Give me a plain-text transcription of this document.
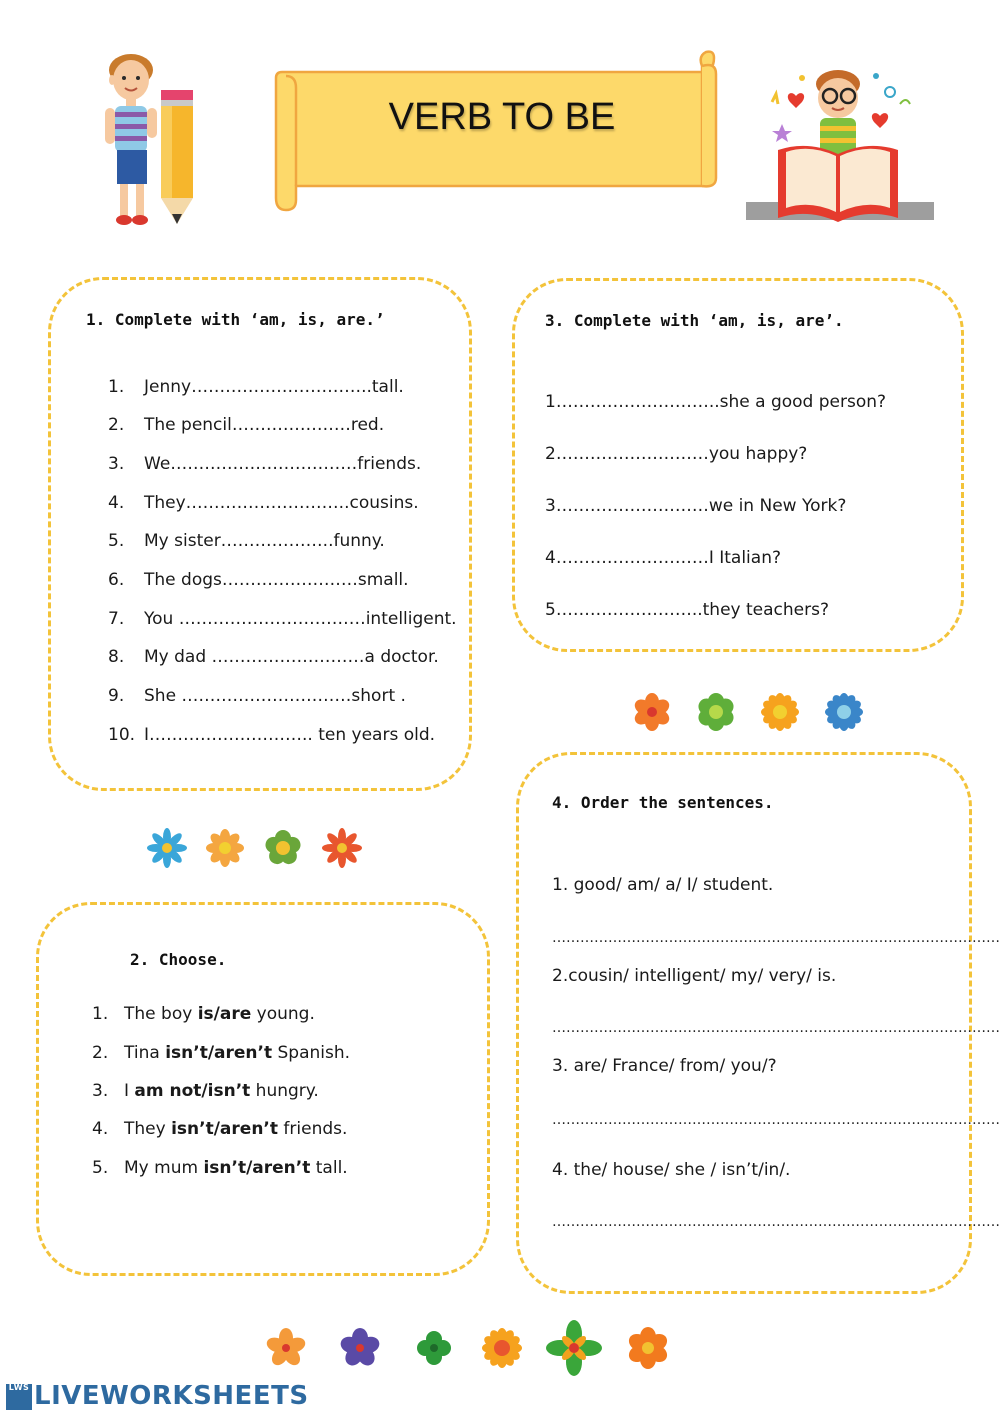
VERB TO BE
1. Complete with ‘am, is, are.’
1. Jenny…………………………..tall.
2. The pencil…………………red.
3. We……………………………friends.
4. They………………………..cousins.
5. My sister………………..funny.
6. The dogs……………………small.
7. You ……………………………intelligent.
8. My dad ………………………a doctor.
9. She …………………………short .
10. I……………………….. ten years old.
2. Choose.
1. The boy is/are young.
2. Tina isn’t/aren’t Spanish.
3. I am not/isn’t hungry.
4. They isn’t/aren’t friends.
5. My mum isn’t/aren’t tall.
3. Complete with ‘am, is, are’.
1………………………..she a good person?
2………………………you happy?
3………………………we in New York?
4………………………I Italian?
5……………………..they teachers?
4. Order the sentences.
1. good/ am/ a/ I/ student.
……………………………………………………………………………………
2.cousin/ intelligent/ my/ very/ is.
……………………………………………………………………………………
3. are/ France/ from/ you/?
……………………………………………………………………………………
4. the/ house/ she / isn’t/in/.
……………………………………………………………………………………
LWS LIVEWORKSHEETS
